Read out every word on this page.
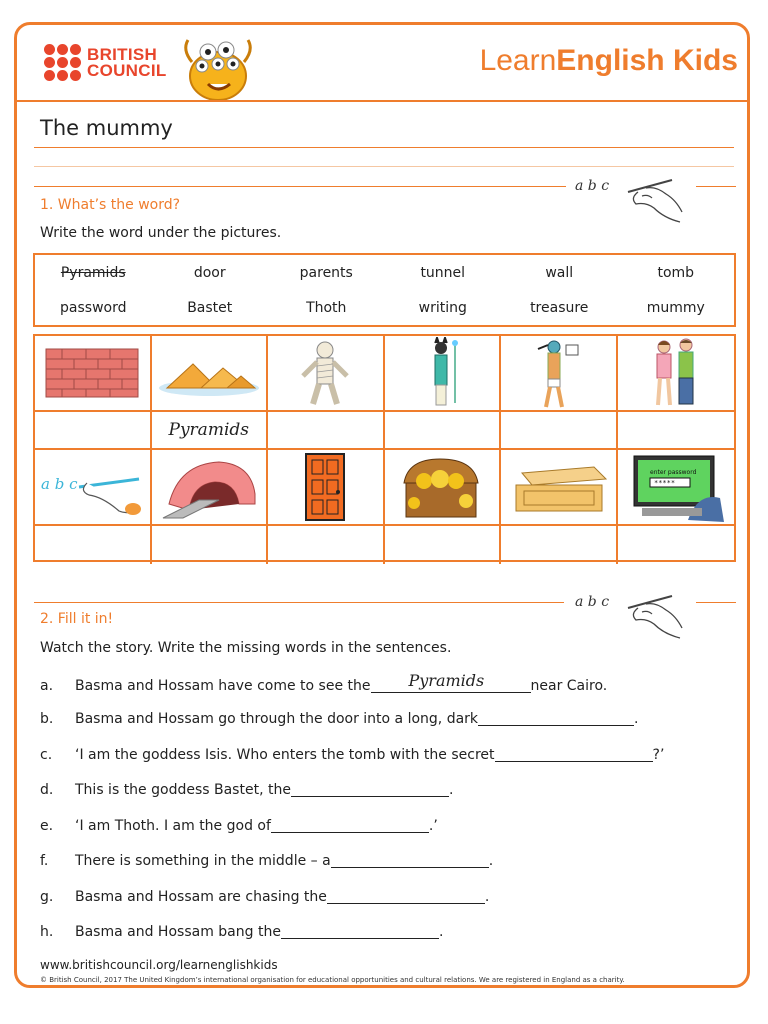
BRITISH
COUNCIL	LearnEnglish Kids
The mummy
a b c
1. What’s the word?
Write the word under the pictures.
Pyramids	door	parents	tunnel	wall	tomb
password	Bastet	Thoth	writing	treasure	mummy
Pyramids
a b c
enter password
*****
a b c
2. Fill it in!
Watch the story. Write the missing words in the sentences.
a.	Basma and Hossam have come to see the Pyramids	near Cairo.
b.	Basma and Hossam go through the door into a long, dark	.
c.	‘I am the goddess Isis. Who enters the tomb with the secret	?’
d.	This is the goddess Bastet, the	.
e.	‘I am Thoth. I am the god of	.’
f.	There is something in the middle – a	.
g.	Basma and Hossam are chasing the	.
h.	Basma and Hossam bang the	.
www.britishcouncil.org/learnenglishkids
© British Council, 2017 The United Kingdom’s international organisation for educational opportunities and cultural relations. We are registered in England as a charity.
